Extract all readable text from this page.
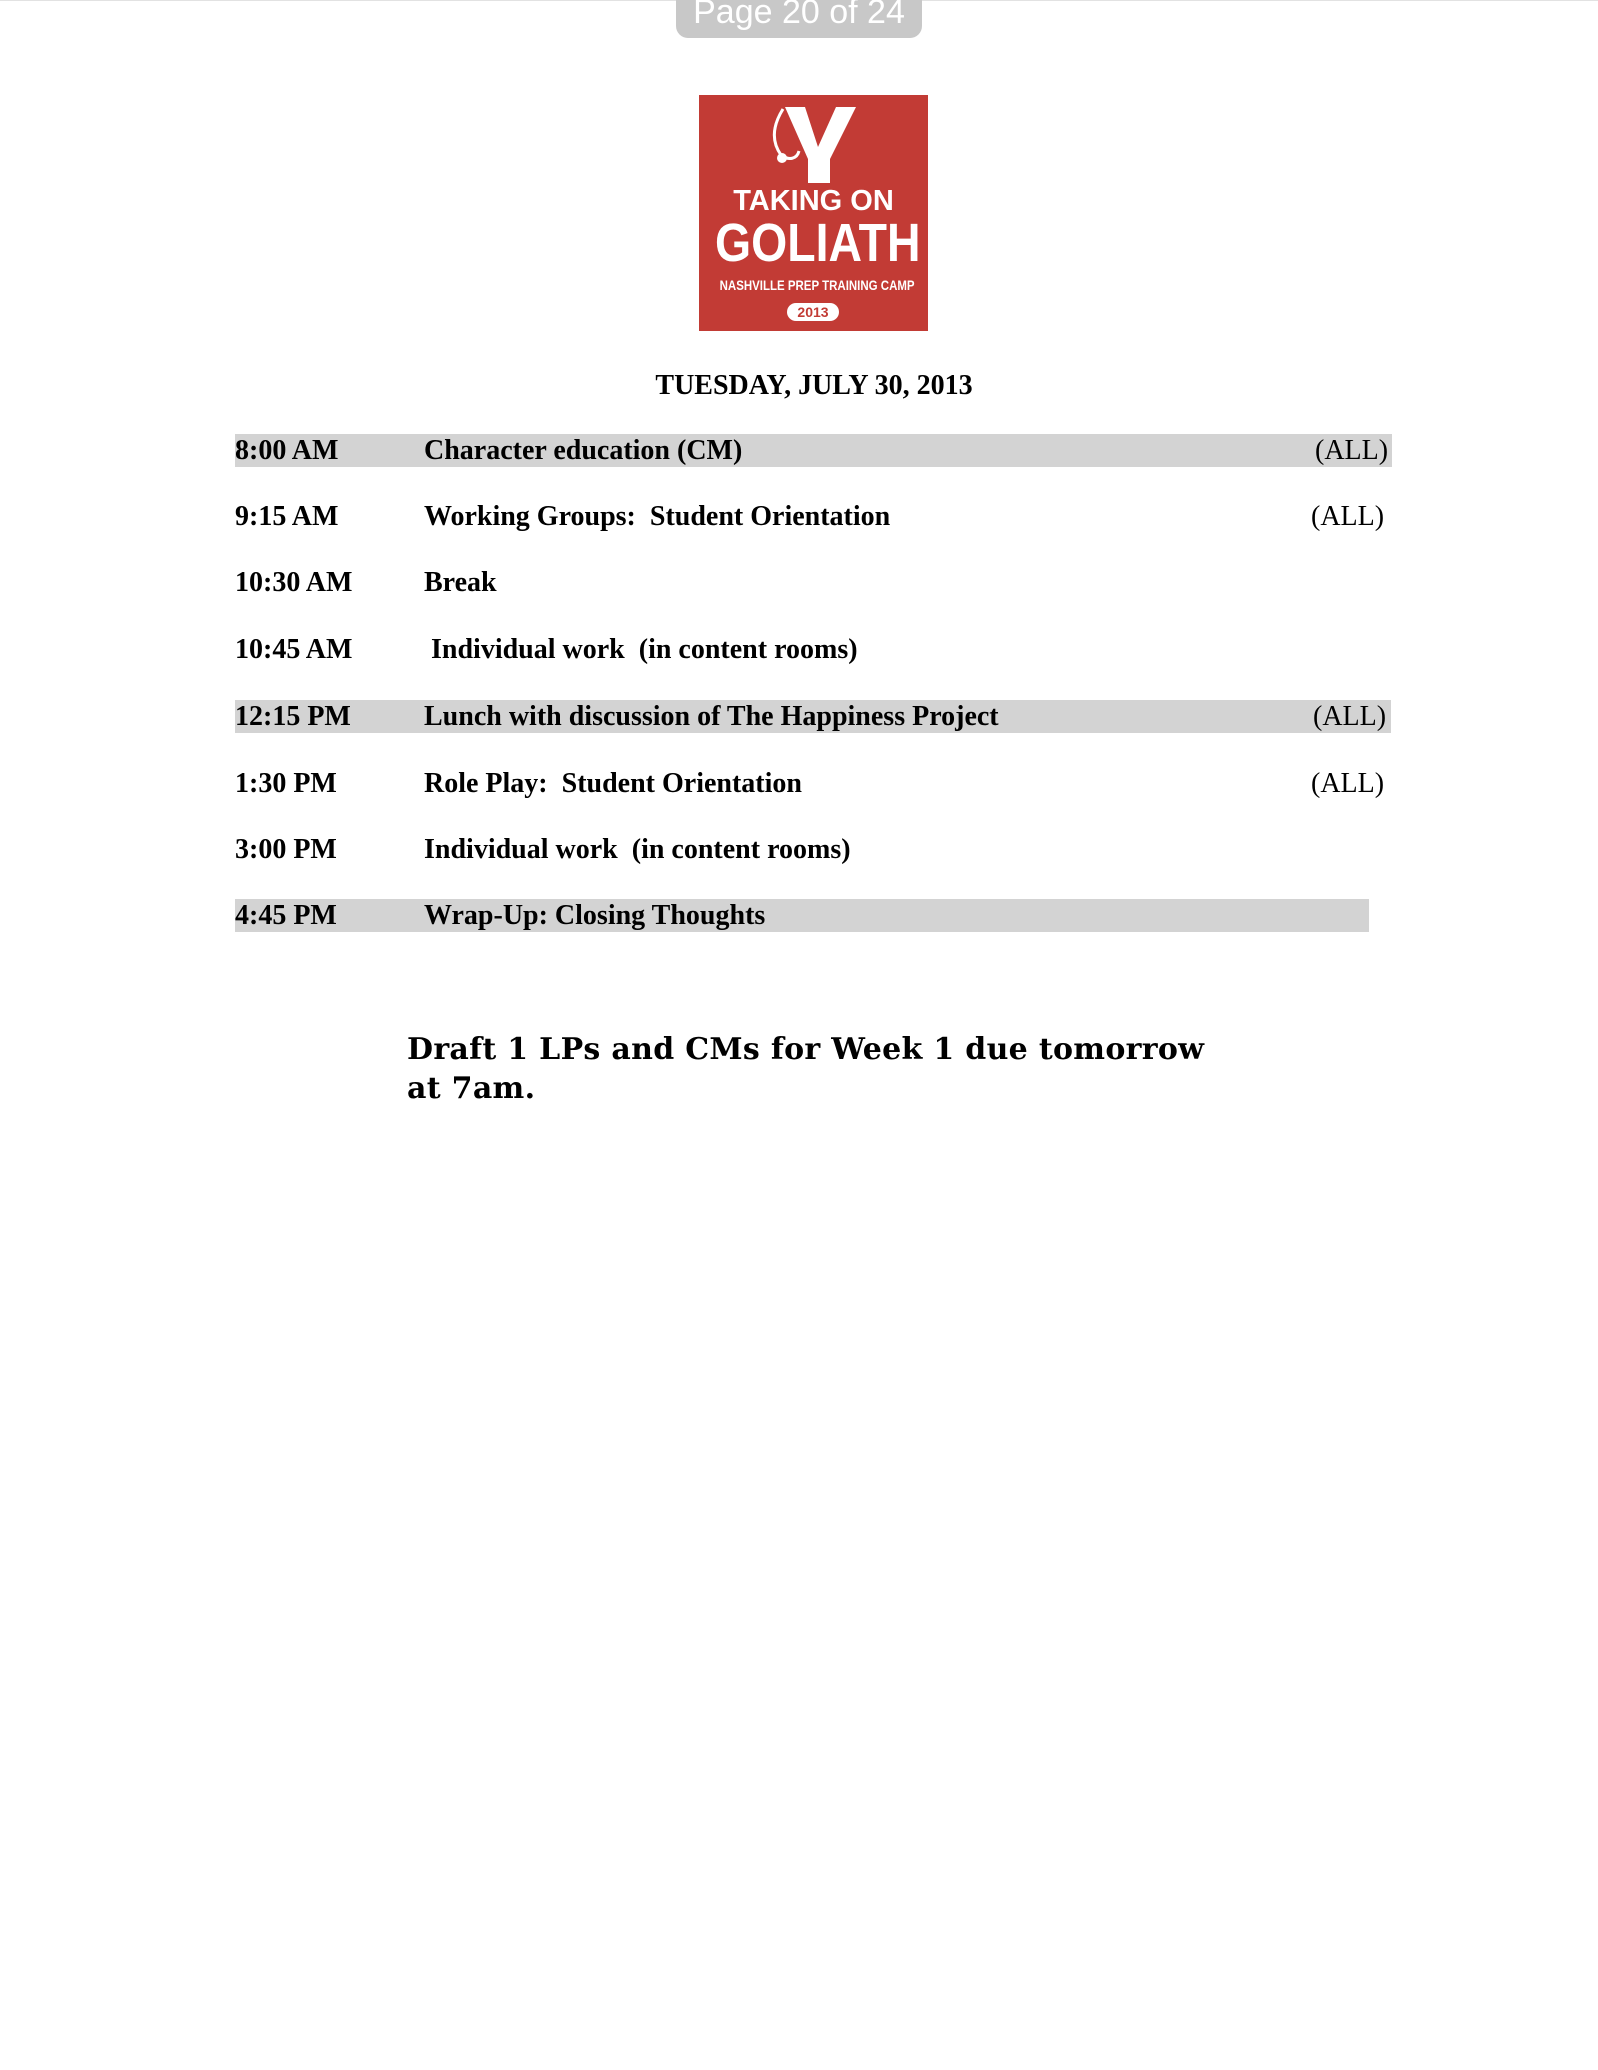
Page 20 of 24
TAKING ON
GOLIATH
NASHVILLE PREP TRAINING CAMP
2013
TUESDAY, JULY 30, 2013
8:00 AM	Character education (CM)	(ALL)
9:15 AM	Working Groups:  Student Orientation	(ALL)
10:30 AM	Break
10:45 AM	Individual work  (in content rooms)
12:15 PM	Lunch with discussion of The Happiness Project	(ALL)
1:30 PM	Role Play:  Student Orientation	(ALL)
3:00 PM	Individual work  (in content rooms)
4:45 PM	Wrap-Up: Closing Thoughts
Draft 1 LPs and CMs for Week 1 due tomorrow at 7am.
